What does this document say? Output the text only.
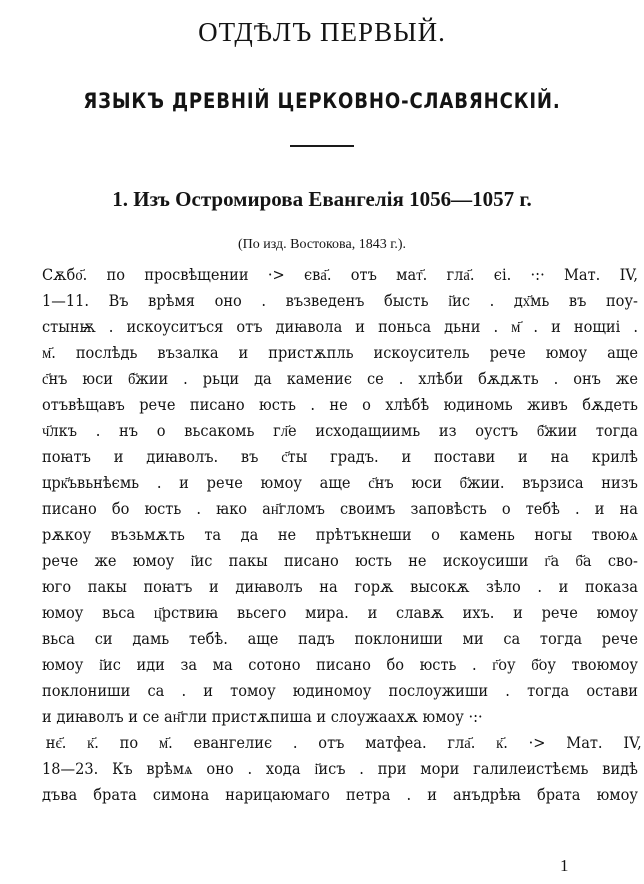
ОТДѢЛЪ ПЕРВЫЙ.
ЯЗЫКЪ ДРЕВНІЙ ЦЕРКОВНО-СЛАВЯНСКІЙ.
1. Изъ Остромирова Евангелія 1056—1057 г.
(По изд. Востокова, 1843 г.).
Сѫбо҃. по просвѣщении ·> єва҃. отъ мат҃. гла҃. єі. ·:· Мат. IV,
1—11. Въ врѣмя оно . възведенъ бысть і҃ис . дх҃мь въ поу-
стынѭ . искоуситъся отъ диꙗвола и поньса дьни . м҃ . и нощиі .
м҃. послѣдь възалка и пристѫпль искоуситель рече юмоу аще
с҃нъ юси б҃жии . рьци да камениє се . хлѣби бѫдѫть . онъ же
отъвѣщавъ рече писано юсть . не о хлѣбѣ юдиномь живъ бѫдеть
ч҃лкъ . нъ о вьсакомь гл҃е исходащиимь из оустъ б҃жии тогда
поꙗтъ и диꙗволъ. въ с҃ты градъ. и постави и на крилѣ
црк҃ъвьнѣємь . и рече юмоу аще с҃нъ юси б҃жии. вързиса низъ
писано бо юсть . ꙗко ан҃гломъ своимъ заповѣсть о тебѣ . и на
рѫкоу възьмѫть та да не прѣтъкнеши о камень ногы твоюѧ
рече же юмоу і҃ис пакы писано юсть не искоусиши г҃а б҃а сво-
юго пакы поꙗтъ и диꙗволъ на горѫ высокѫ зѣло . и показа
юмоу вьса ц҃рствиꙗ вьсего мира. и славѫ ихъ. и рече юмоу
вьса си дамь тебѣ. аще падъ поклониши ми са тогда рече
юмоу і҃ис иди за ма сотоно писано бо юсть . г҃оу б҃оу твоюмоу
поклониши са . и томоу юдиномоу послоужиши . тогда остави
и диꙗволъ и се ан҃гли пристѫпиша и слоужаахѫ юмоу ·:·
нє҃. к҃. по м҃. евангелиє . отъ матфеа. гла҃. к҃. ·> Мат. IV,
18—23. Къ врѣмѧ оно . хода і҃исъ . при мори галилеистѣємь видѣ
дъва брата симона нарицаюмаго петра . и анъдрѣꙗ брата юмоу
1
